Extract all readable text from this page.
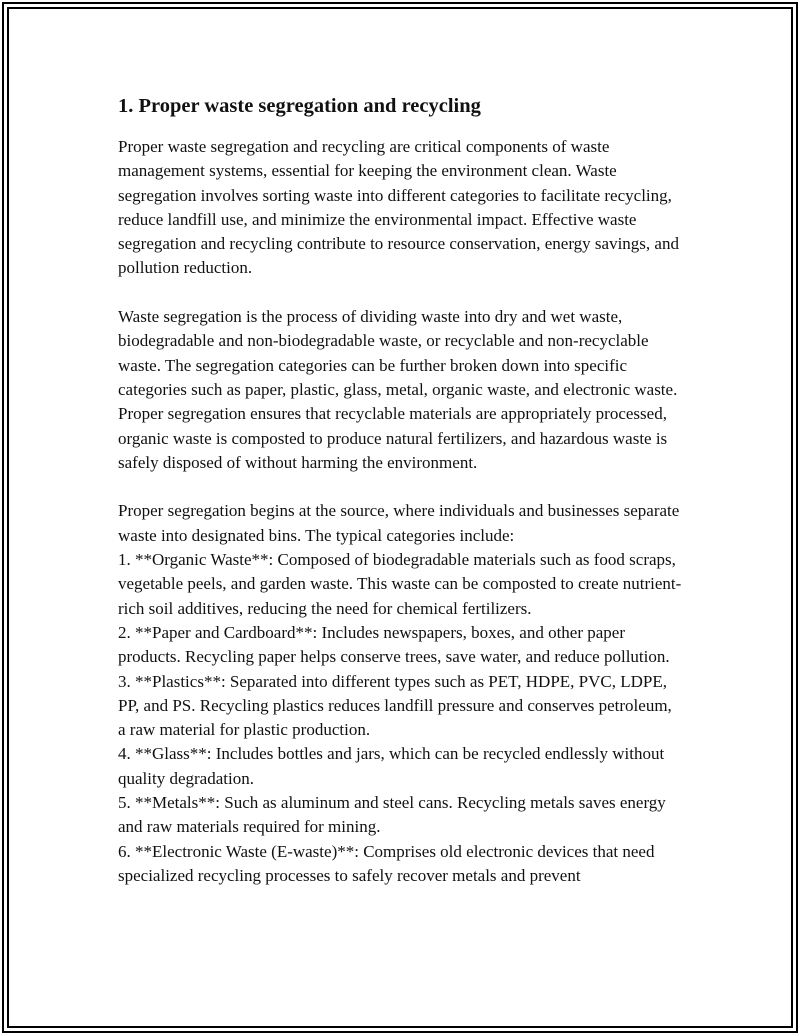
1. Proper waste segregation and recycling

Proper waste segregation and recycling are critical components of waste management systems, essential for keeping the environment clean. Waste segregation involves sorting waste into different categories to facilitate recycling, reduce landfill use, and minimize the environmental impact. Effective waste segregation and recycling contribute to resource conservation, energy savings, and pollution reduction.

Waste segregation is the process of dividing waste into dry and wet waste, biodegradable and non-biodegradable waste, or recyclable and non-recyclable waste. The segregation categories can be further broken down into specific categories such as paper, plastic, glass, metal, organic waste, and electronic waste. Proper segregation ensures that recyclable materials are appropriately processed, organic waste is composted to produce natural fertilizers, and hazardous waste is safely disposed of without harming the environment.

Proper segregation begins at the source, where individuals and businesses separate waste into designated bins. The typical categories include:
1. **Organic Waste**: Composed of biodegradable materials such as food scraps, vegetable peels, and garden waste. This waste can be composted to create nutrient-rich soil additives, reducing the need for chemical fertilizers.
2. **Paper and Cardboard**: Includes newspapers, boxes, and other paper products. Recycling paper helps conserve trees, save water, and reduce pollution.
3. **Plastics**: Separated into different types such as PET, HDPE, PVC, LDPE, PP, and PS. Recycling plastics reduces landfill pressure and conserves petroleum, a raw material for plastic production.
4. **Glass**: Includes bottles and jars, which can be recycled endlessly without quality degradation.
5. **Metals**: Such as aluminum and steel cans. Recycling metals saves energy and raw materials required for mining.
6. **Electronic Waste (E-waste)**: Comprises old electronic devices that need specialized recycling processes to safely recover metals and prevent
